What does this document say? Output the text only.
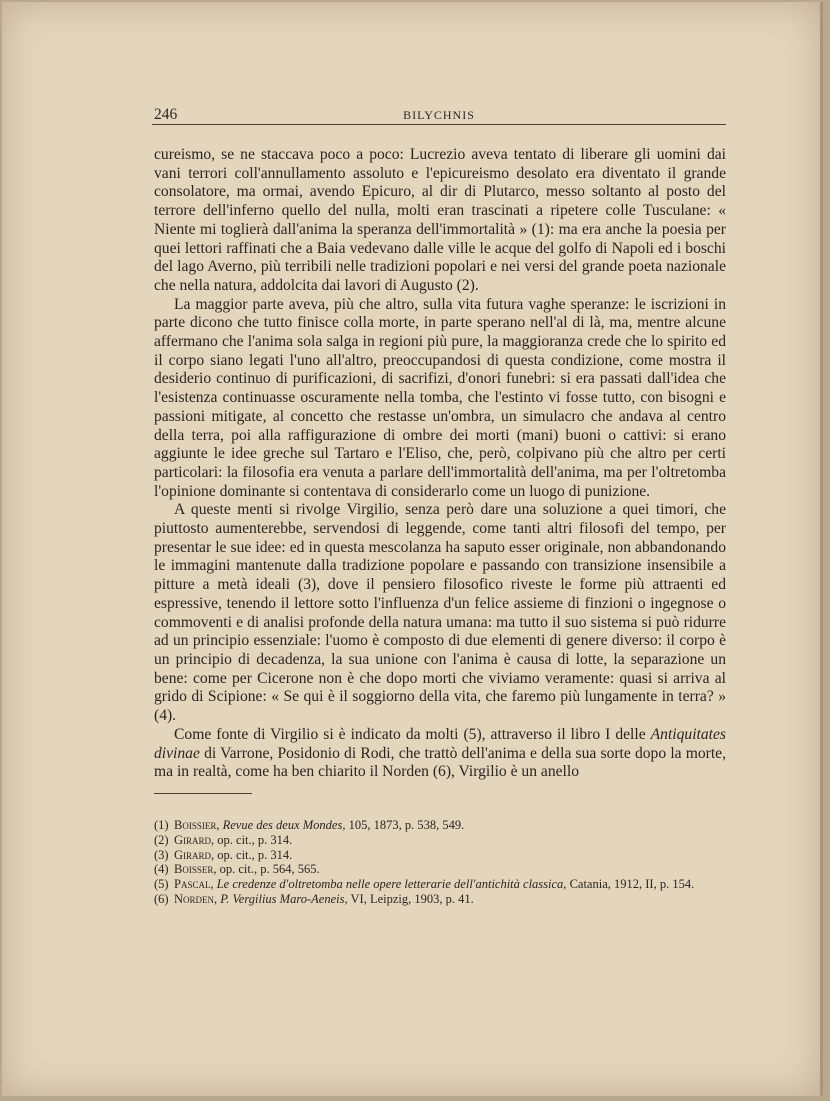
246	BILYCHNIS

cureismo, se ne staccava poco a poco: Lucrezio aveva tentato di liberare gli uomini dai vani terrori coll'annullamento assoluto e l'epicureismo desolato era diventato il grande consolatore, ma ormai, avendo Epicuro, al dir di Plutarco, messo soltanto al posto del terrore dell'inferno quello del nulla, molti eran trascinati a ripetere colle Tusculane: « Niente mi toglierà dall'anima la speranza dell'immortalità » (1): ma era anche la poesia per quei lettori raffinati che a Baia vedevano dalle ville le acque del golfo di Napoli ed i boschi del lago Averno, più terribili nelle tradizioni popolari e nei versi del grande poeta nazionale che nella natura, addolcita dai lavori di Augusto (2).

La maggior parte aveva, più che altro, sulla vita futura vaghe speranze: le iscrizioni in parte dicono che tutto finisce colla morte, in parte sperano nell'al di là, ma, mentre alcune affermano che l'anima sola salga in regioni più pure, la maggioranza crede che lo spirito ed il corpo siano legati l'uno all'altro, preoccupandosi di questa condizione, come mostra il desiderio continuo di purificazioni, di sacrifizi, d'onori funebri: si era passati dall'idea che l'esistenza continuasse oscuramente nella tomba, che l'estinto vi fosse tutto, con bisogni e passioni mitigate, al concetto che restasse un'ombra, un simulacro che andava al centro della terra, poi alla raffigurazione di ombre dei morti (mani) buoni o cattivi: si erano aggiunte le idee greche sul Tartaro e l'Eliso, che, però, colpivano più che altro per certi particolari: la filosofia era venuta a parlare dell'immortalità dell'anima, ma per l'oltretomba l'opinione dominante si contentava di considerarlo come un luogo di punizione.

A queste menti si rivolge Virgilio, senza però dare una soluzione a quei timori, che piuttosto aumenterebbe, servendosi di leggende, come tanti altri filosofi del tempo, per presentar le sue idee: ed in questa mescolanza ha saputo esser originale, non abbandonando le immagini mantenute dalla tradizione popolare e passando con transizione insensibile a pitture a metà ideali (3), dove il pensiero filosofico riveste le forme più attraenti ed espressive, tenendo il lettore sotto l'influenza d'un felice assieme di finzioni o ingegnose o commoventi e di analisi profonde della natura umana: ma tutto il suo sistema si può ridurre ad un principio essenziale: l'uomo è composto di due elementi di genere diverso: il corpo è un principio di decadenza, la sua unione con l'anima è causa di lotte, la separazione un bene: come per Cicerone non è che dopo morti che viviamo veramente: quasi si arriva al grido di Scipione: « Se qui è il soggiorno della vita, che faremo più lungamente in terra? » (4).

Come fonte di Virgilio si è indicato da molti (5), attraverso il libro I delle Antiquitates divinae di Varrone, Posidonio di Rodi, che trattò dell'anima e della sua sorte dopo la morte, ma in realtà, come ha ben chiarito il Norden (6), Virgilio è un anello

(1) Boissier, Revue des deux Mondes, 105, 1873, p. 538, 549.

(2) Girard, op. cit., p. 314.

(3) Girard, op. cit., p. 314.

(4) Boisser, op. cit., p. 564, 565.

(5) Pascal, Le credenze d'oltretomba nelle opere letterarie dell'antichità classica, Catania, 1912, II, p. 154.

(6) Norden, P. Vergilius Maro-Aeneis, VI, Leipzig, 1903, p. 41.
